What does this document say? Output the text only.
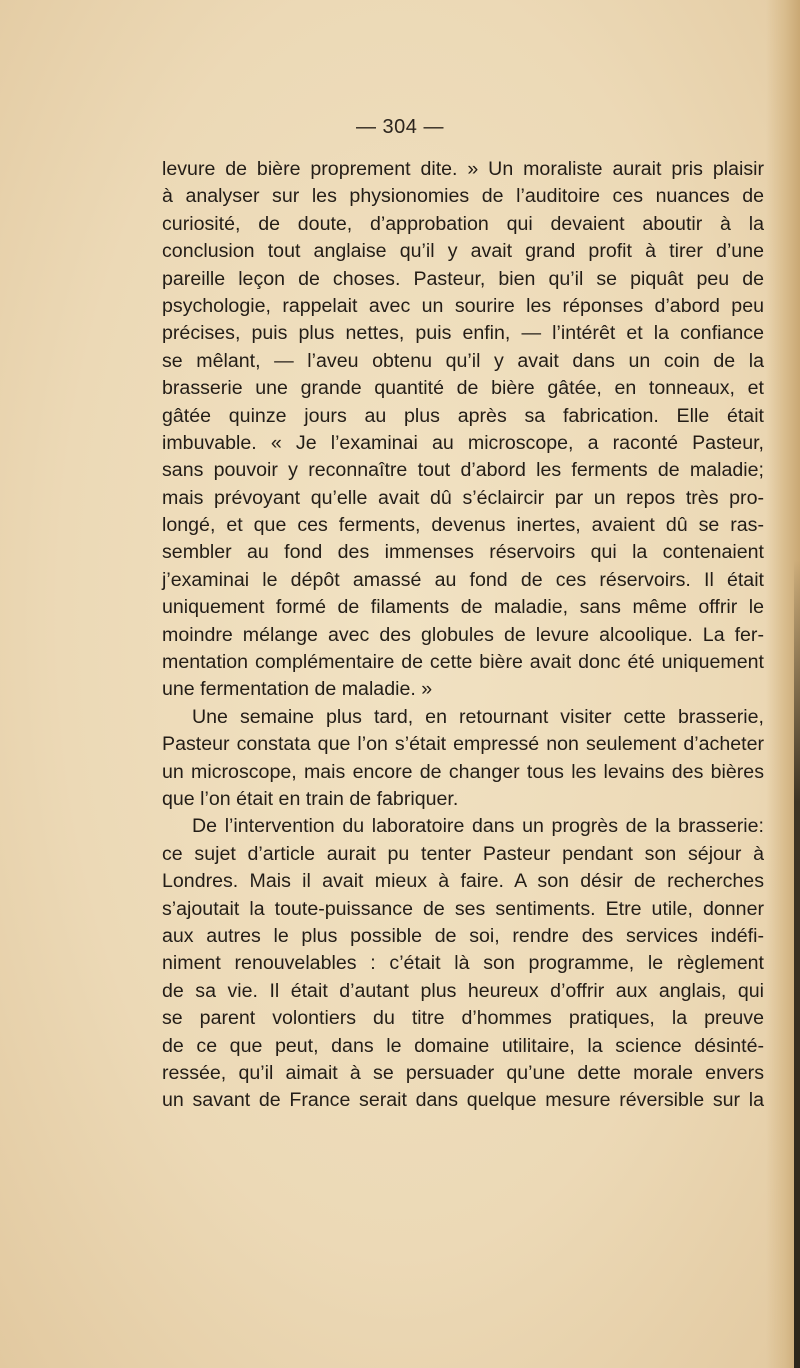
— 304 —
levure de bière proprement dite. » Un moraliste aurait pris plaisir
à analyser sur les physionomies de l’auditoire ces nuances de
curiosité, de doute, d’approbation qui devaient aboutir à la
conclusion tout anglaise qu’il y avait grand profit à tirer d’une
pareille leçon de choses. Pasteur, bien qu’il se piquât peu de
psychologie, rappelait avec un sourire les réponses d’abord peu
précises, puis plus nettes, puis enfin, — l’intérêt et la confiance
se mêlant, — l’aveu obtenu qu’il y avait dans un coin de la
brasserie une grande quantité de bière gâtée, en tonneaux, et
gâtée quinze jours au plus après sa fabrication. Elle était
imbuvable. « Je l’examinai au microscope, a raconté Pasteur,
sans pouvoir y reconnaître tout d’abord les ferments de maladie;
mais prévoyant qu’elle avait dû s’éclaircir par un repos très pro-
longé, et que ces ferments, devenus inertes, avaient dû se ras-
sembler au fond des immenses réservoirs qui la contenaient
j’examinai le dépôt amassé au fond de ces réservoirs. Il était
uniquement formé de filaments de maladie, sans même offrir le
moindre mélange avec des globules de levure alcoolique. La fer-
mentation complémentaire de cette bière avait donc été uniquement
une fermentation de maladie. »
Une semaine plus tard, en retournant visiter cette brasserie,
Pasteur constata que l’on s’était empressé non seulement d’acheter
un microscope, mais encore de changer tous les levains des bières
que l’on était en train de fabriquer.
De l’intervention du laboratoire dans un progrès de la brasserie:
ce sujet d’article aurait pu tenter Pasteur pendant son séjour à
Londres. Mais il avait mieux à faire. A son désir de recherches
s’ajoutait la toute-puissance de ses sentiments. Etre utile, donner
aux autres le plus possible de soi, rendre des services indéfi-
niment renouvelables : c’était là son programme, le règlement
de sa vie. Il était d’autant plus heureux d’offrir aux anglais, qui
se parent volontiers du titre d’hommes pratiques, la preuve
de ce que peut, dans le domaine utilitaire, la science désinté-
ressée, qu’il aimait à se persuader qu’une dette morale envers
un savant de France serait dans quelque mesure réversible sur la
